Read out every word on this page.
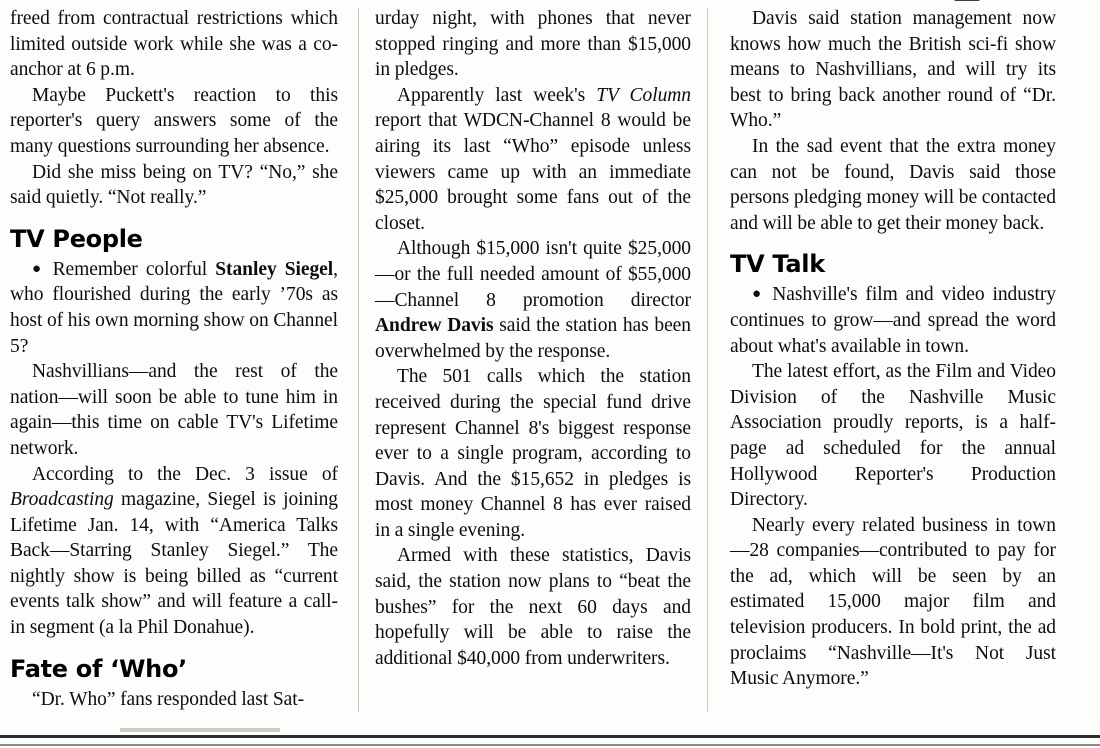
freed from contractual restrictions which limited outside work while she was a co-anchor at 6 p.m.

Maybe Puckett's reaction to this reporter's query answers some of the many questions surrounding her absence.

Did she miss being on TV? “No,” she said quietly. “Not really.”

TV People

● Remember colorful Stanley Siegel, who flourished during the early ’70s as host of his own morning show on Channel 5?

Nashvillians—and the rest of the nation—will soon be able to tune him in again—this time on cable TV's Lifetime network.

According to the Dec. 3 issue of Broadcasting magazine, Siegel is joining Lifetime Jan. 14, with “America Talks Back—Starring Stanley Siegel.” The nightly show is being billed as “current events talk show” and will feature a call-in segment (a la Phil Donahue).

Fate of ‘Who’

“Dr. Who” fans responded last Sat-

urday night, with phones that never stopped ringing and more than $15,000 in pledges.

Apparently last week's TV Column report that WDCN-Channel 8 would be airing its last “Who” episode unless viewers came up with an immediate $25,000 brought some fans out of the closet.

Although $15,000 isn't quite $25,000—or the full needed amount of $55,000—Channel 8 promotion director Andrew Davis said the station has been overwhelmed by the response.

The 501 calls which the station received during the special fund drive represent Channel 8's biggest response ever to a single program, according to Davis. And the $15,652 in pledges is most money Channel 8 has ever raised in a single evening.

Armed with these statistics, Davis said, the station now plans to “beat the bushes” for the next 60 days and hopefully will be able to raise the additional $40,000 from underwriters.

Davis said station management now knows how much the British sci-fi show means to Nashvillians, and will try its best to bring back another round of “Dr. Who.”

In the sad event that the extra money can not be found, Davis said those persons pledging money will be contacted and will be able to get their money back.

TV Talk

● Nashville's film and video industry continues to grow—and spread the word about what's available in town.

The latest effort, as the Film and Video Division of the Nashville Music Association proudly reports, is a half-page ad scheduled for the annual Hollywood Reporter's Production Directory.

Nearly every related business in town—28 companies—contributed to pay for the ad, which will be seen by an estimated 15,000 major film and television producers. In bold print, the ad proclaims “Nashville—It's Not Just Music Anymore.”
